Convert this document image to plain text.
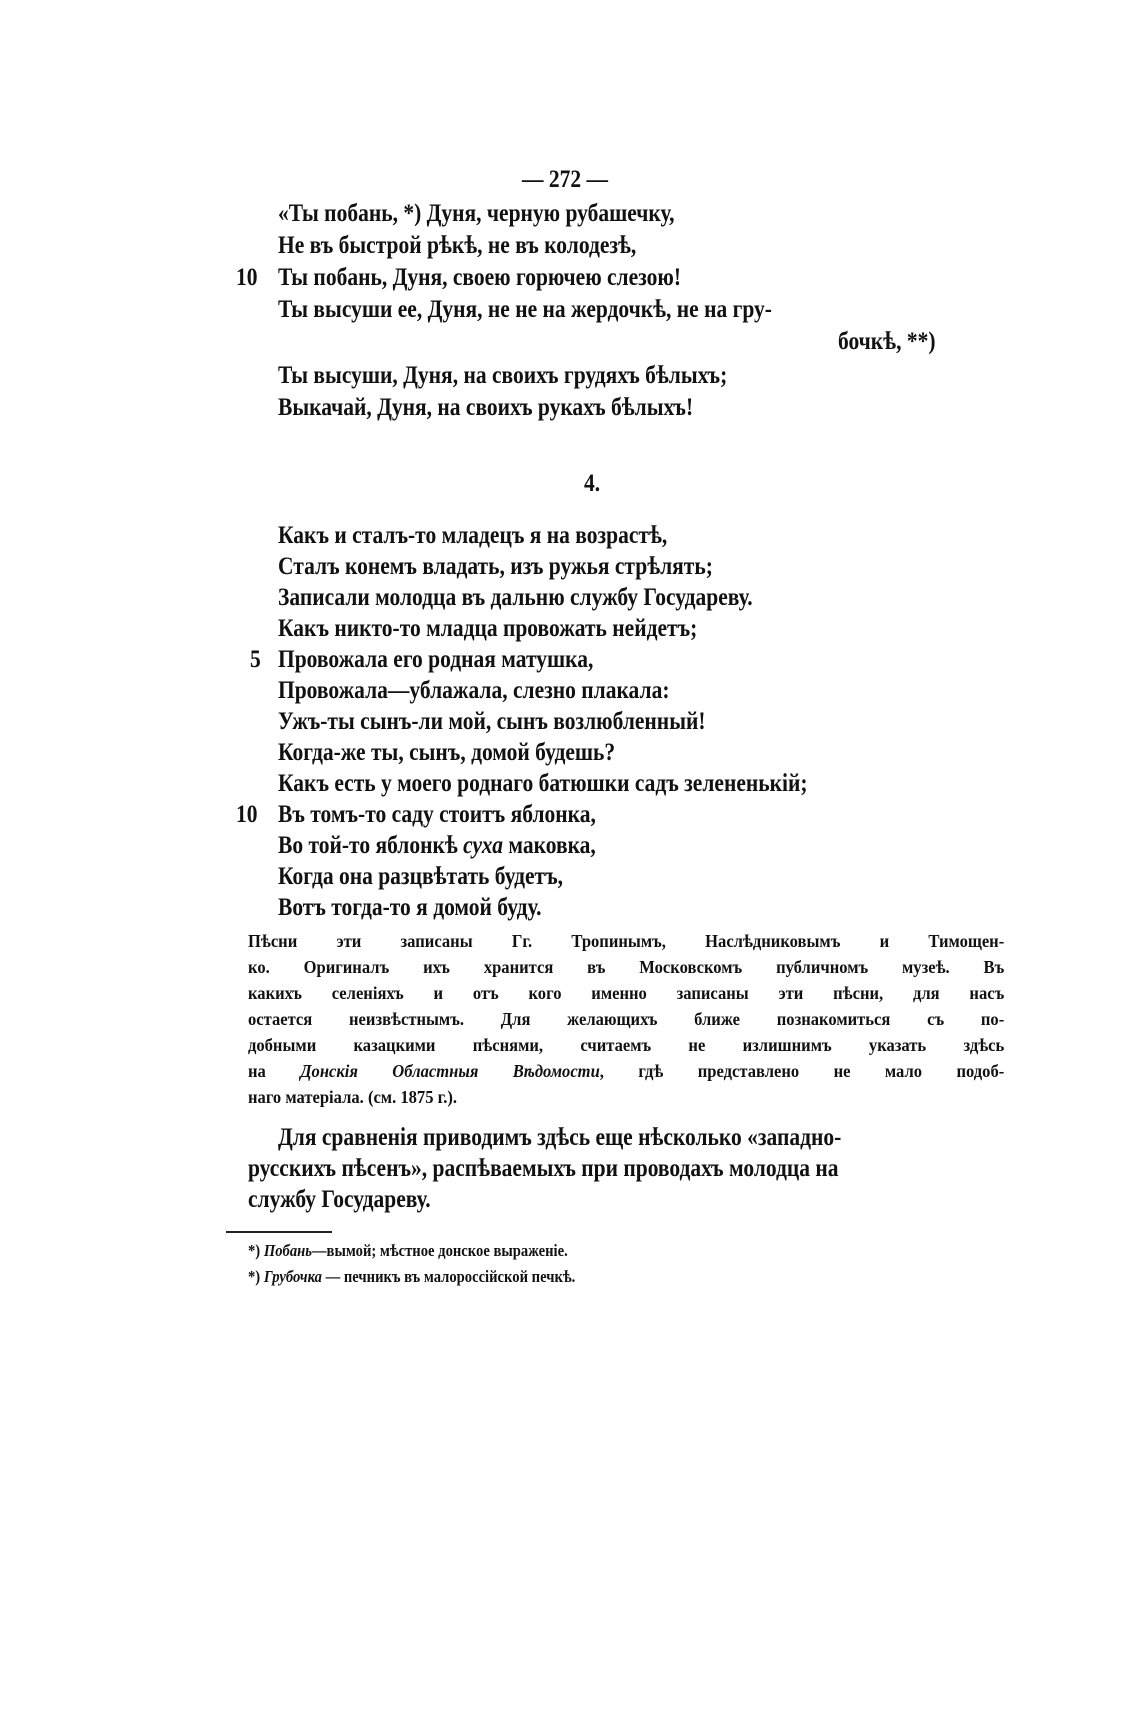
— 272 —
«Ты побань, *) Дуня, черную рубашечку,
Не въ быстрой рѣкѣ, не въ колодезѣ,
Ты побань, Дуня, своею горючею слезою!
10
Ты высуши ее, Дуня, не не на жердочкѣ, не на гру-
бочкѣ, **)
Ты высуши, Дуня, на своихъ грудяхъ бѣлыхъ;
Выкачай, Дуня, на своихъ рукахъ бѣлыхъ!
4.
Какъ и сталъ-то младецъ я на возрастѣ,
Сталъ конемъ владать, изъ ружья стрѣлять;
Записали молодца въ дальню службу Государеву.
Какъ никто-то младца провожать нейдетъ;
Провожала его родная матушка,
5
Провожала—ублажала, слезно плакала:
Ужъ-ты сынъ-ли мой, сынъ возлюбленный!
Когда-же ты, сынъ, домой будешь?
Какъ есть у моего роднаго батюшки садъ зелененькій;
Въ томъ-то саду стоитъ яблонка,
10
Во той-то яблонкѣ суха маковка,
Когда она разцвѣтать будетъ,
Вотъ тогда-то я домой буду.
Пѣсни эти записаны Гг. Тропинымъ, Наслѣдниковымъ и Тимощен-
ко. Оригиналъ ихъ хранится въ Московскомъ публичномъ музеѣ. Въ
какихъ селеніяхъ и отъ кого именно записаны эти пѣсни, для насъ
остается неизвѣстнымъ. Для желающихъ ближе познакомиться съ по-
добными казацкими пѣснями, считаемъ не излишнимъ указать здѣсь
на Донскія Областныя Вѣдомости, гдѣ представлено не мало подоб-
наго матеріала. (см. 1875 г.).
Для сравненія приводимъ здѣсь еще нѣсколько «западно-
русскихъ пѣсенъ», распѣваемыхъ при проводахъ молодца на
службу Государеву.
*) Побань—вымой; мѣстное донское выраженіе.
*) Грубочка — печникъ въ малороссійской печкѣ.
